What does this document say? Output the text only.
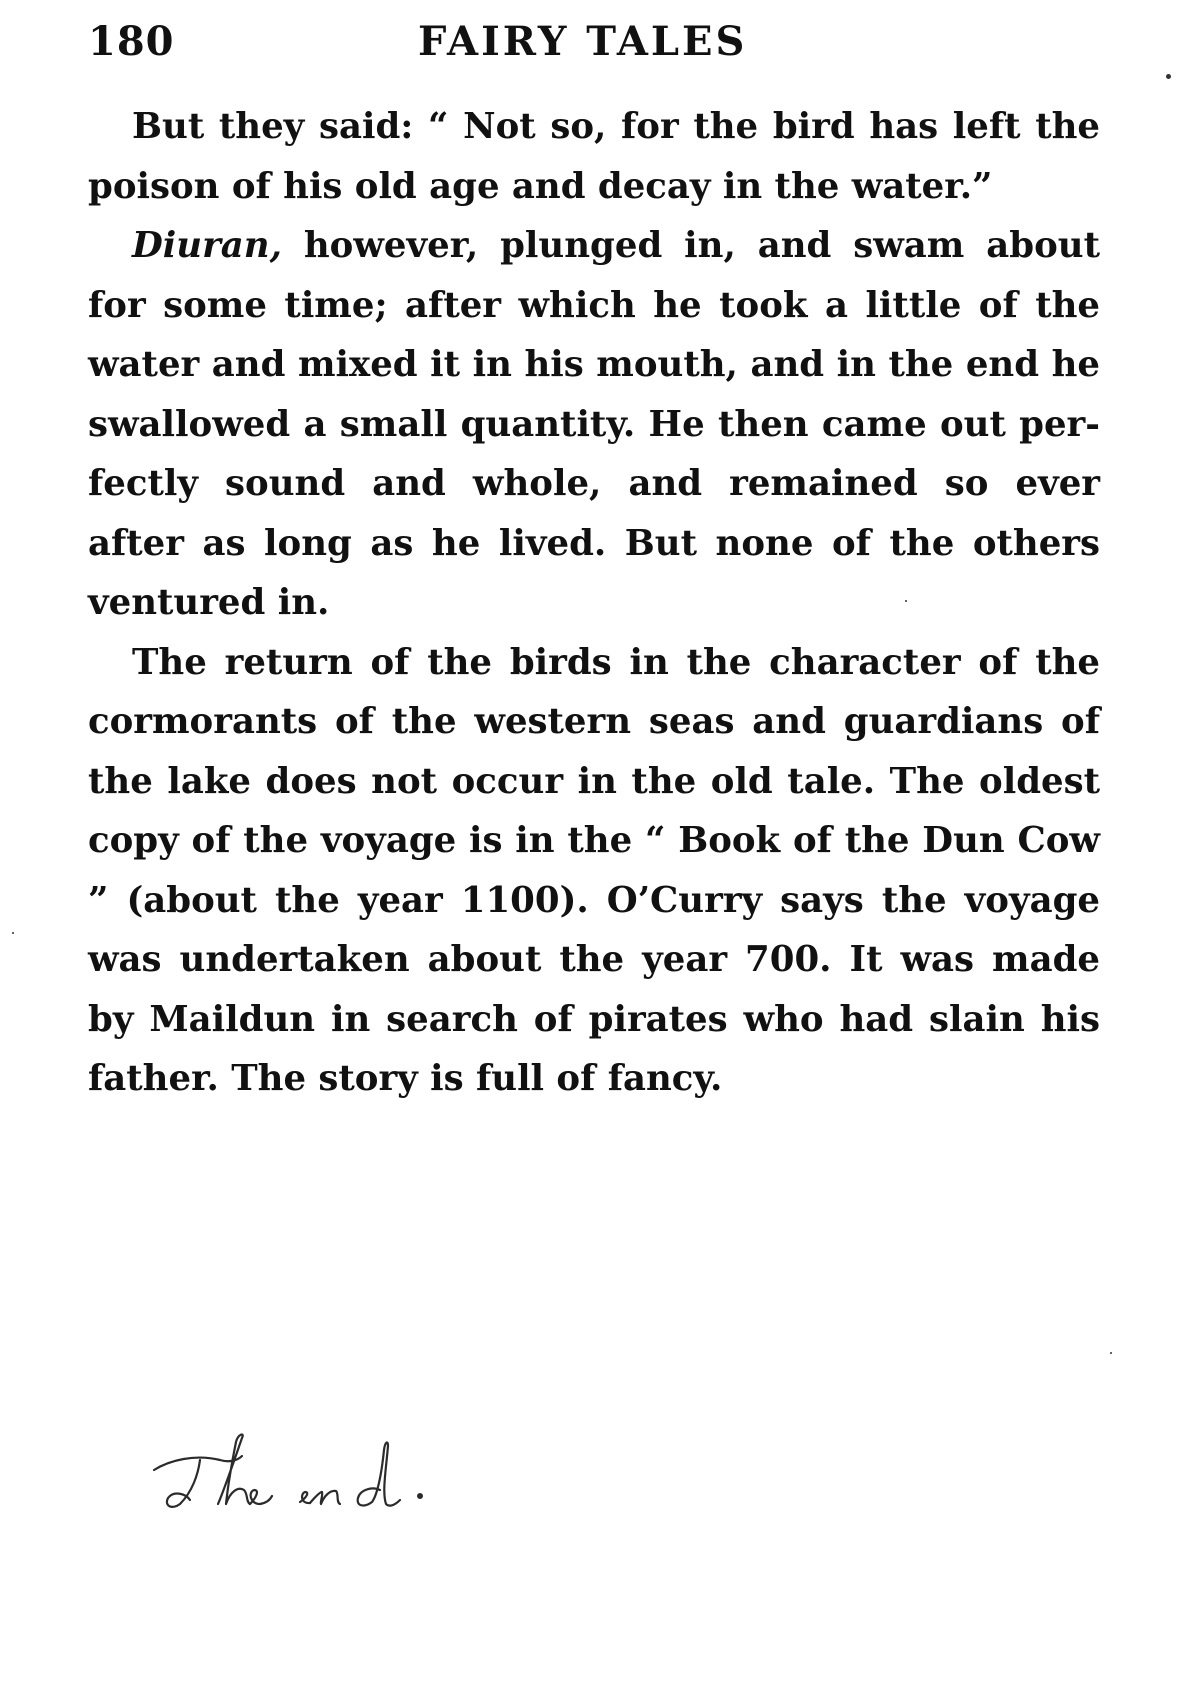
180	FAIRY TALES

But they said: “ Not so, for the bird has left the poison of his old age and decay in the water.”

Diuran, however, plunged in, and swam about for some time; after which he took a little of the water and mixed it in his mouth, and in the end he swallowed a small quantity. He then came out perfectly sound and whole, and remained so ever after as long as he lived. But none of the others ventured in.

The return of the birds in the character of the cormorants of the western seas and guardians of the lake does not occur in the old tale. The oldest copy of the voyage is in the “ Book of the Dun Cow ” (about the year 1100). O’Curry says the voyage was undertaken about the year 700. It was made by Maildun in search of pirates who had slain his father. The story is full of fancy.
